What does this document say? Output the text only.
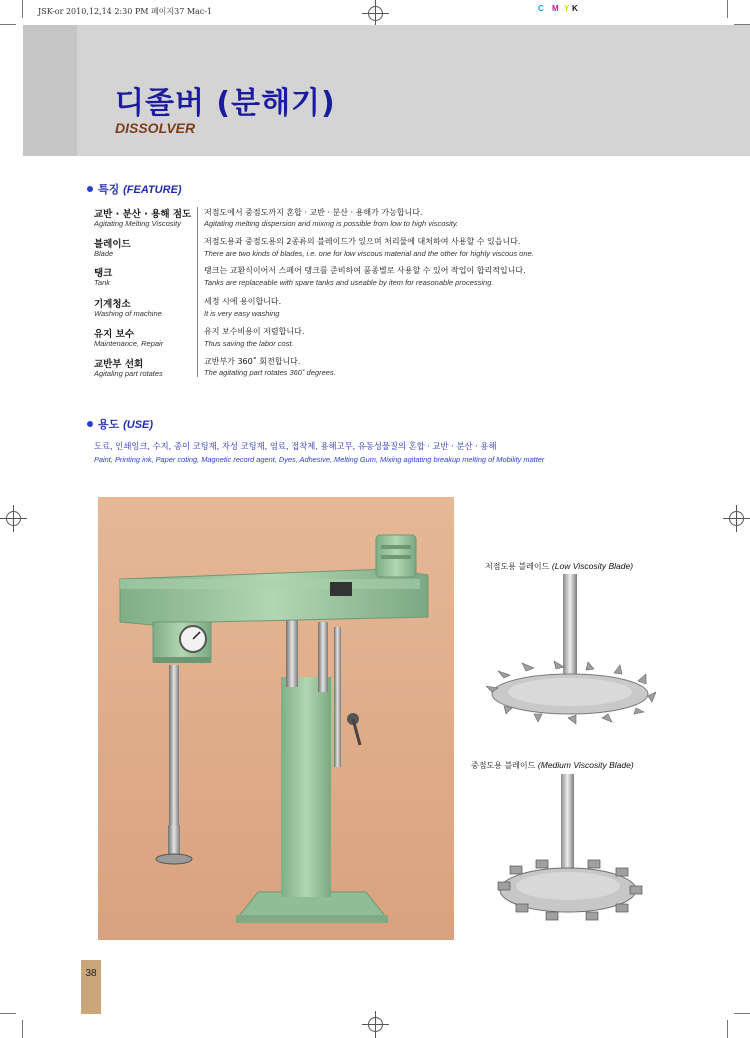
JSK-or 2010,12,14 2:30 PM 페이지37 Mac-1	C M Y K
디졸버 (분해기)
DISSOLVER
특징 (FEATURE)
교반 · 분산 · 용해 점도
Agitating Melting Viscosity
저점도에서 중점도까지 혼합 · 교반 · 분산 · 용해가 가능합니다.
Agitating melting dispersion and mixing is possible from low to high viscosity.
블레이드
Blade
저점도용과 중점도용의 2종류의 블레이드가 있으며 처리물에 대처하여 사용할 수 있읍니다.
There are two kinds of blades, i.e. one for low viscous material and the other for highly viscous one.
탱크
Tank
탱크는 교환식이어서 스페어 탱크를 준비하여 품종별로 사용할 수 있어 작업이 합리적입니다.
Tanks are replaceable with spare tanks and useable by item for reasonable processing.
기계청소
Washing of machine
세정 시에 용이합니다.
It is very easy washing
유지 보수
Maintenance, Repair
유지 보수비용이 저렴합니다.
Thus saving the labor cost.
교반부 선회
Agitaling part rotates
교반부가 360˚ 회전합니다.
The agitating part rotates 360˚ degrees.
용도 (USE)
도료, 인쇄잉크, 수지, 종이 코팅재, 자성 코팅재, 염료, 접착제, 용해고무, 유동성물질의 혼합 · 교반 · 분산 · 용해
Paint, Printing ink, Paper coting, Magnetic record agent, Dyes, Adhesive, Melting Gum, Mixing agitating breakup melting of Mobility matter
저점도용 블레이드 (Low Viscosity Blade)
중점도용 블레이드 (Medium Viscosity Blade)
38
